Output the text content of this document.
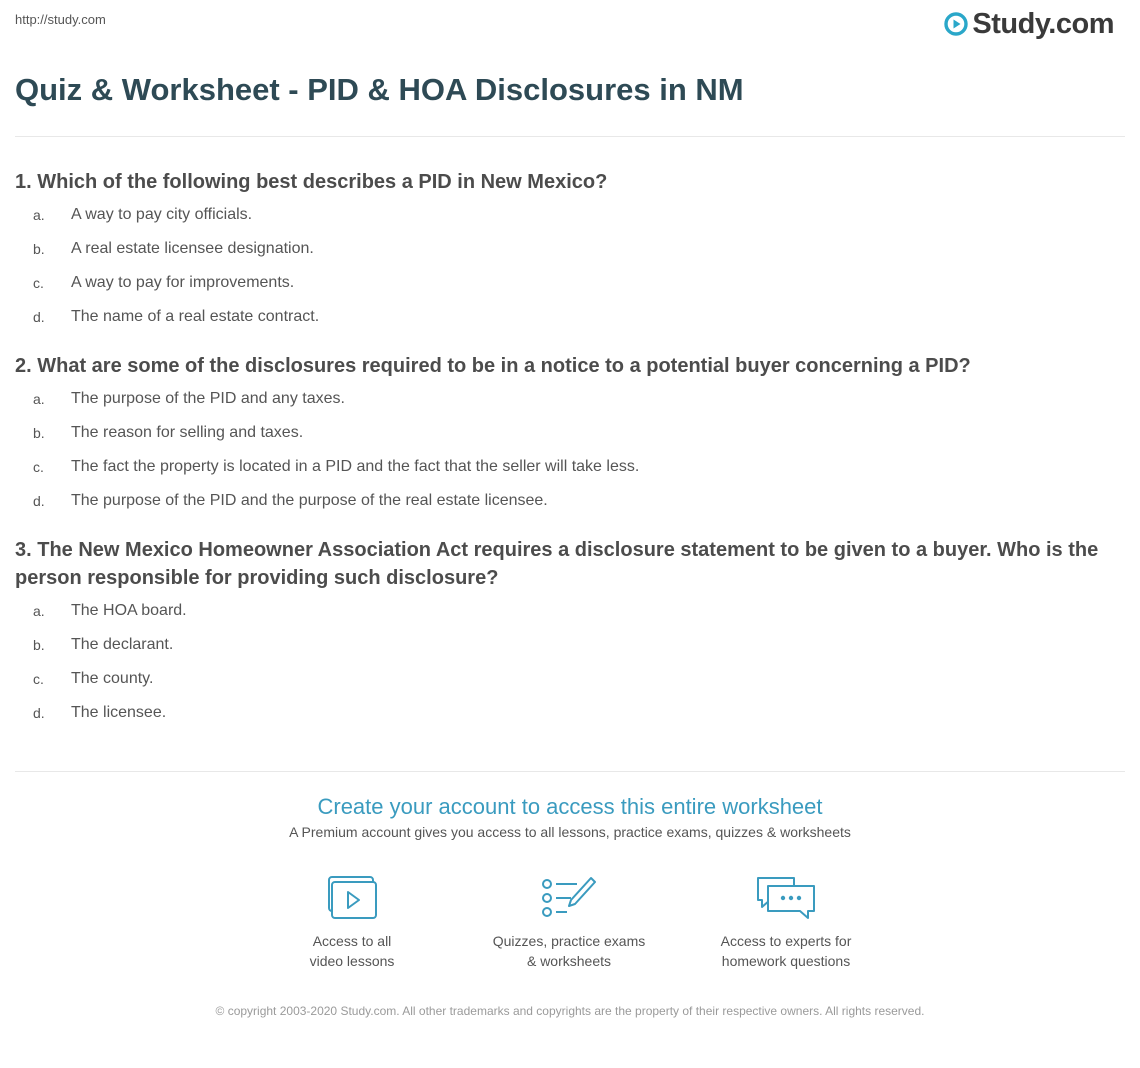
http://study.com	Study.com
Quiz & Worksheet - PID & HOA Disclosures in NM

1. Which of the following best describes a PID in New Mexico?

a.	A way to pay city officials.
b.	A real estate licensee designation.
c.	A way to pay for improvements.
d.	The name of a real estate contract.

2. What are some of the disclosures required to be in a notice to a potential buyer concerning a PID?

a.	The purpose of the PID and any taxes.
b.	The reason for selling and taxes.
c.	The fact the property is located in a PID and the fact that the seller will take less.
d.	The purpose of the PID and the purpose of the real estate licensee.

3. The New Mexico Homeowner Association Act requires a disclosure statement to be given to a buyer. Who is the person responsible for providing such disclosure?

a.	The HOA board.
b.	The declarant.
c.	The county.
d.	The licensee.
Create your account to access this entire worksheet
A Premium account gives you access to all lessons, practice exams, quizzes & worksheets
Access to all
video lessons
Quizzes, practice exams
& worksheets
Access to experts for
homework questions
© copyright 2003-2020 Study.com. All other trademarks and copyrights are the property of their respective owners. All rights reserved.
